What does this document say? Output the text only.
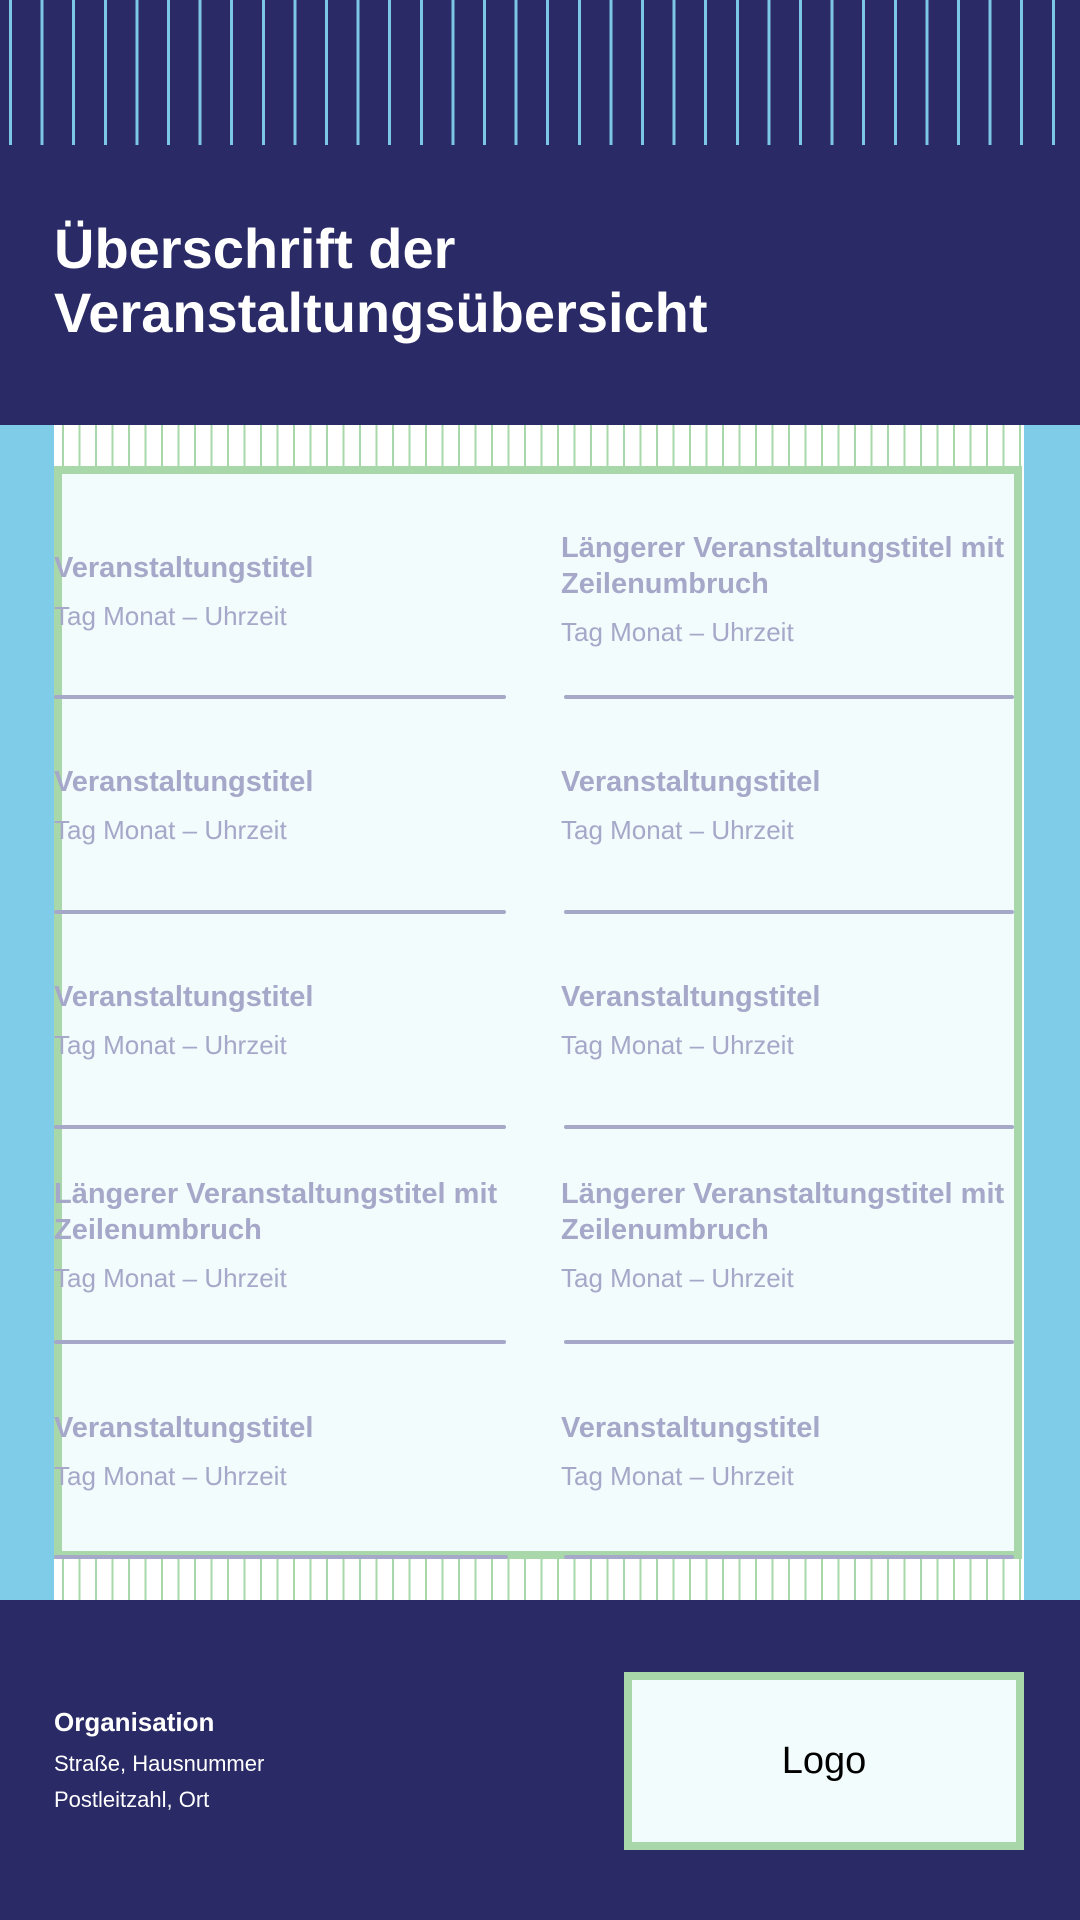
Überschrift der Veranstaltungsübersicht

Veranstaltungstitel

Tag Monat – Uhrzeit

Längerer Veranstaltungstitel mit Zeilenumbruch

Tag Monat – Uhrzeit

Veranstaltungstitel

Tag Monat – Uhrzeit

Veranstaltungstitel

Tag Monat – Uhrzeit

Veranstaltungstitel

Tag Monat – Uhrzeit

Veranstaltungstitel

Tag Monat – Uhrzeit

Längerer Veranstaltungstitel mit Zeilenumbruch

Tag Monat – Uhrzeit

Längerer Veranstaltungstitel mit Zeilenumbruch

Tag Monat – Uhrzeit

Veranstaltungstitel

Tag Monat – Uhrzeit

Veranstaltungstitel

Tag Monat – Uhrzeit

Organisation

Straße, Hausnummer

Postleitzahl, Ort

Logo
